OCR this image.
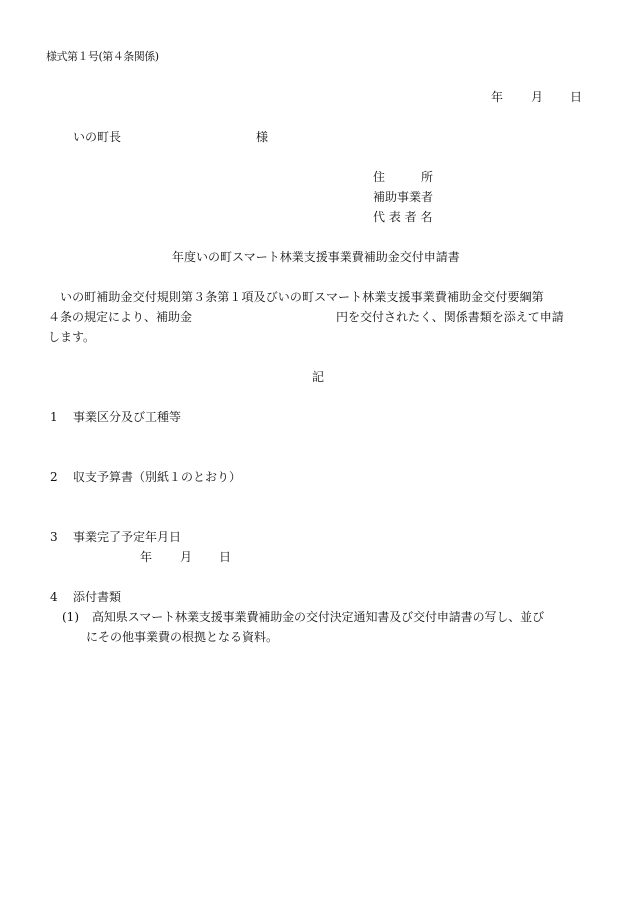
様式第１号(第４条関係)
年 月 日
いの町長	様
住　　　所
補助事業者
代 表 者 名
年度いの町スマート林業支援事業費補助金交付申請書
いの町補助金交付規則第３条第１項及びいの町スマート林業支援事業費補助金交付要綱第
４条の規定により、補助金	円を交付されたく、関係書類を添えて申請
します。
記
1 事業区分及び工種等
2 収支予算書（別紙１のとおり）
3 事業完了予定年月日
年 月 日
4 添付書類
(1) 高知県スマート林業支援事業費補助金の交付決定通知書及び交付申請書の写し、並び
にその他事業費の根拠となる資料。
